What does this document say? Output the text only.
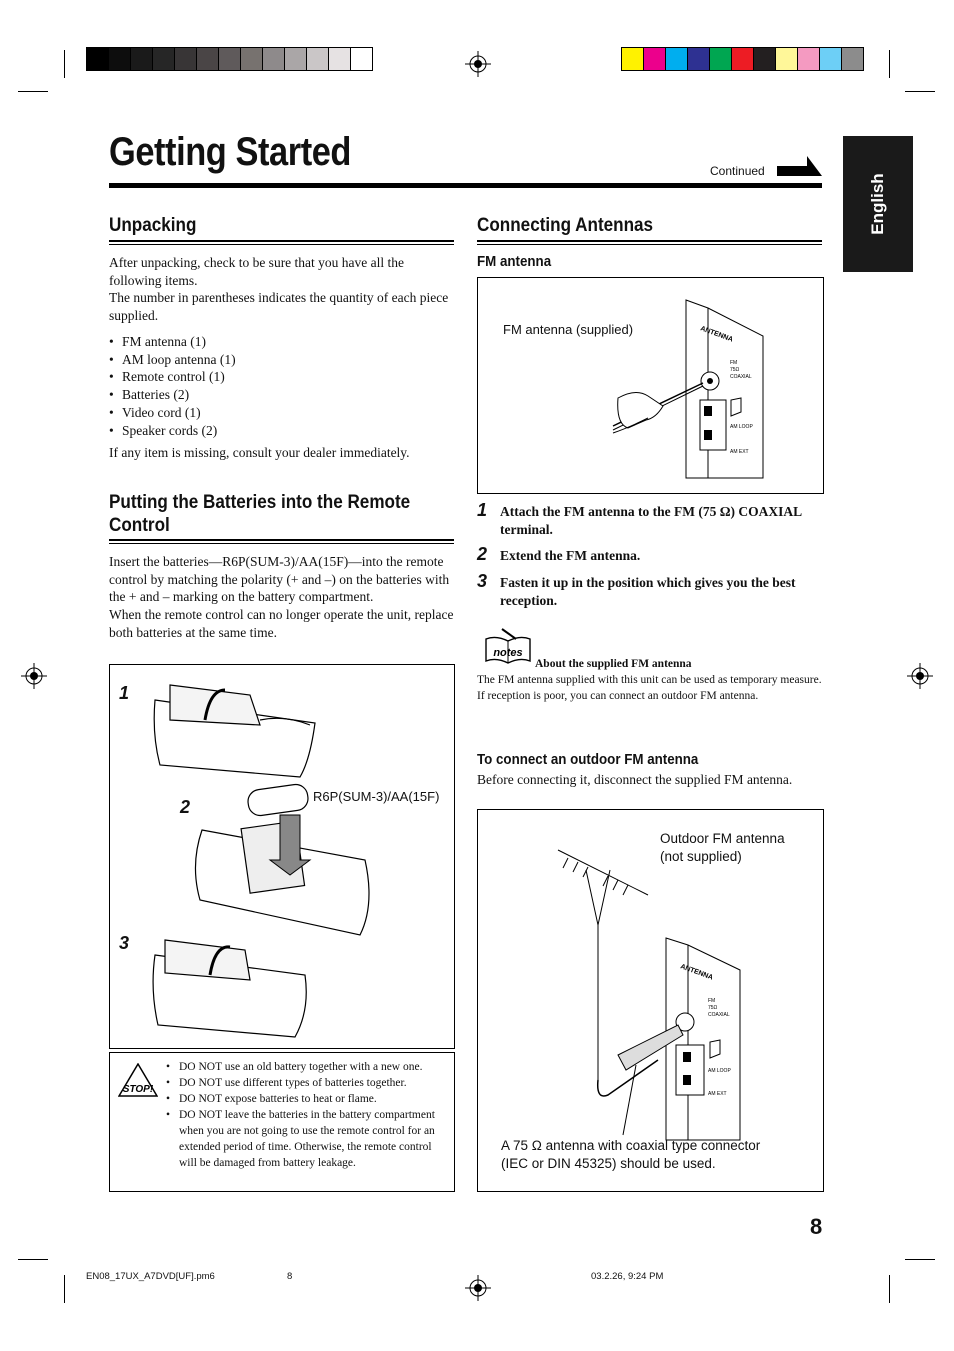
Getting Started	Continued
English
Unpacking
After unpacking, check to be sure that you have all the following items.
The number in parentheses indicates the quantity of each piece supplied.
• FM antenna (1)
• AM loop antenna (1)
• Remote control (1)
• Batteries (2)
• Video cord (1)
• Speaker cords (2)
If any item is missing, consult your dealer immediately.
Putting the Batteries into the Remote
Control
Insert the batteries—R6P(SUM-3)/AA(15F)—into the remote control by matching the polarity (+ and –) on the batteries with the + and – marking on the battery compartment.
When the remote control can no longer operate the unit, replace both batteries at the same time.
1
2
3
R6P(SUM-3)/AA(15F)
STOP!
• DO NOT use an old battery together with a new one.
• DO NOT use different types of batteries together.
• DO NOT expose batteries to heat or flame.
• DO NOT leave the batteries in the battery compartment when you are not going to use the remote control for an extended period of time. Otherwise, the remote control will be damaged from battery leakage.
Connecting Antennas
FM antenna
FM antenna (supplied)	ANTENNA
FM
75Ω
COAXIAL
AM LOOP
AM EXT
1 Attach the FM antenna to the FM (75 Ω) COAXIAL terminal.
2 Extend the FM antenna.
3 Fasten it up in the position which gives you the best reception.
notes
About the supplied FM antenna
The FM antenna supplied with this unit can be used as temporary measure. If reception is poor, you can connect an outdoor FM antenna.
To connect an outdoor FM antenna
Before connecting it, disconnect the supplied FM antenna.
Outdoor FM antenna
(not supplied)
ANTENNA
FM
75Ω
COAXIAL
AM LOOP
AM EXT
A 75 Ω antenna with coaxial type connector
(IEC or DIN 45325) should be used.
8
EN08_17UX_A7DVD[UF].pm6	8	03.2.26, 9:24 PM
